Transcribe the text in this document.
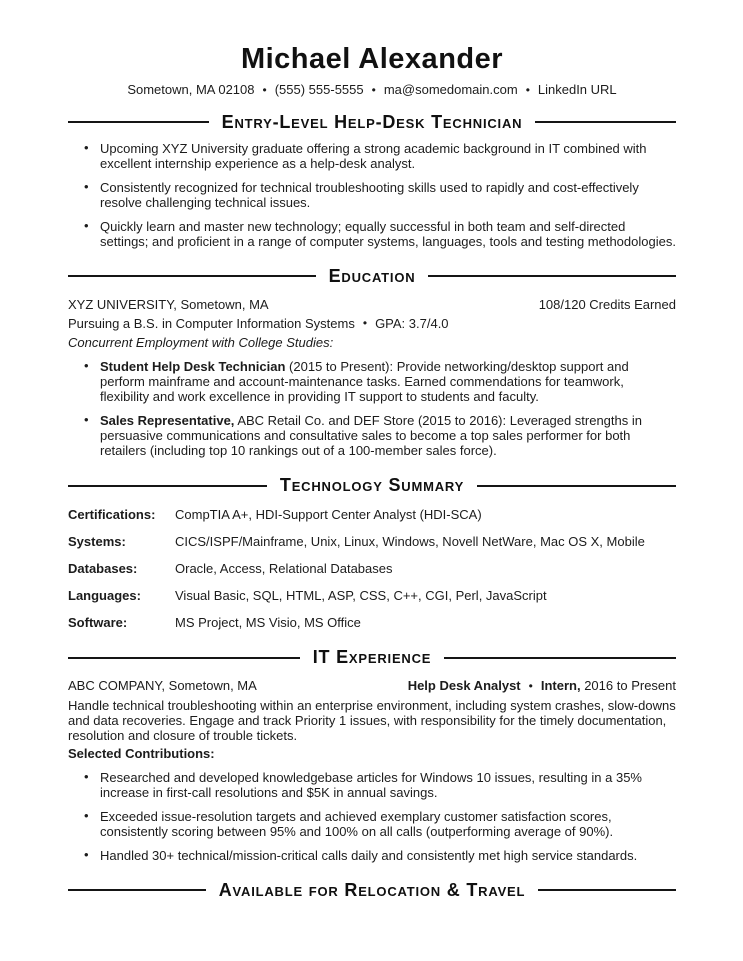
Michael Alexander
Sometown, MA 02108 • (555) 555-5555 • ma@somedomain.com • LinkedIn URL
Entry-Level Help-Desk Technician
• Upcoming XYZ University graduate offering a strong academic background in IT combined with excellent internship experience as a help-desk analyst.
• Consistently recognized for technical troubleshooting skills used to rapidly and cost-effectively resolve challenging technical issues.
• Quickly learn and master new technology; equally successful in both team and self-directed settings; and proficient in a range of computer systems, languages, tools and testing methodologies.
Education
XYZ UNIVERSITY, Sometown, MA	108/120 Credits Earned
Pursuing a B.S. in Computer Information Systems • GPA: 3.7/4.0
Concurrent Employment with College Studies:
• Student Help Desk Technician (2015 to Present): Provide networking/desktop support and perform mainframe and account-maintenance tasks. Earned commendations for teamwork, flexibility and work excellence in providing IT support to students and faculty.
• Sales Representative, ABC Retail Co. and DEF Store (2015 to 2016): Leveraged strengths in persuasive communications and consultative sales to become a top sales performer for both retailers (including top 10 rankings out of a 100-member sales force).
Technology Summary
Certifications:	CompTIA A+, HDI-Support Center Analyst (HDI-SCA)
Systems:	CICS/ISPF/Mainframe, Unix, Linux, Windows, Novell NetWare, Mac OS X, Mobile
Databases:	Oracle, Access, Relational Databases
Languages:	Visual Basic, SQL, HTML, ASP, CSS, C++, CGI, Perl, JavaScript
Software:	MS Project, MS Visio, MS Office
IT Experience
ABC COMPANY, Sometown, MA	Help Desk Analyst • Intern, 2016 to Present

Handle technical troubleshooting within an enterprise environment, including system crashes, slow-downs and data recoveries. Engage and track Priority 1 issues, with responsibility for the timely documentation, resolution and closure of trouble tickets.

Selected Contributions:
• Researched and developed knowledgebase articles for Windows 10 issues, resulting in a 35% increase in first-call resolutions and $5K in annual savings.
• Exceeded issue-resolution targets and achieved exemplary customer satisfaction scores, consistently scoring between 95% and 100% on all calls (outperforming average of 90%).
• Handled 30+ technical/mission-critical calls daily and consistently met high service standards.
Available for Relocation & Travel
